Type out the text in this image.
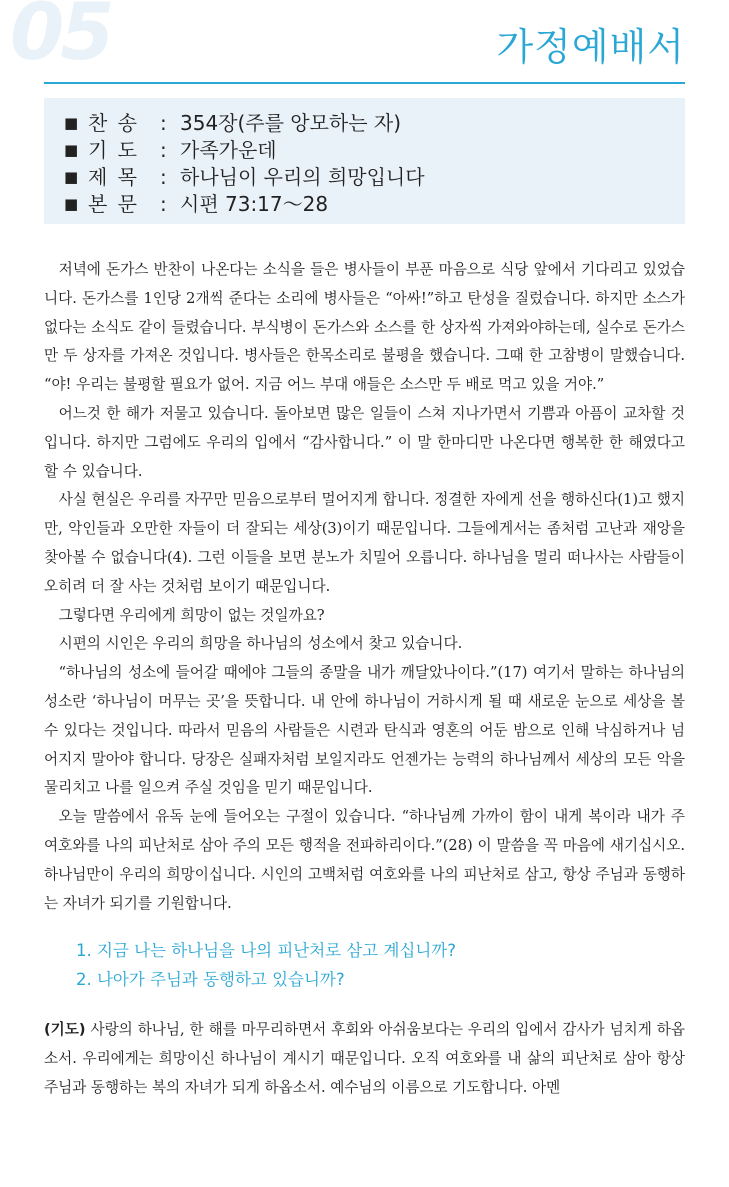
05	가정예배서
■ 찬 송	: 354장(주를 앙모하는 자)
■ 기 도	: 가족가운데
■ 제 목	: 하나님이 우리의 희망입니다
■ 본 문	: 시편 73:17～28

저녁에 돈가스 반찬이 나온다는 소식을 들은 병사들이 부푼 마음으로 식당 앞에서 기다리고 있었습니다. 돈가스를 1인당 2개씩 준다는 소리에 병사들은 “아싸!”하고 탄성을 질렀습니다. 하지만 소스가 없다는 소식도 같이 들렸습니다. 부식병이 돈가스와 소스를 한 상자씩 가져와야하는데, 실수로 돈가스만 두 상자를 가져온 것입니다. 병사들은 한목소리로 불평을 했습니다. 그때 한 고참병이 말했습니다. “야! 우리는 불평할 필요가 없어. 지금 어느 부대 애들은 소스만 두 배로 먹고 있을 거야.”

어느것 한 해가 저물고 있습니다. 돌아보면 많은 일들이 스쳐 지나가면서 기쁨과 아픔이 교차할 것입니다. 하지만 그럼에도 우리의 입에서 “감사합니다.” 이 말 한마디만 나온다면 행복한 한 해였다고 할 수 있습니다.

사실 현실은 우리를 자꾸만 믿음으로부터 멀어지게 합니다. 정결한 자에게 선을 행하신다(1)고 했지만, 악인들과 오만한 자들이 더 잘되는 세상(3)이기 때문입니다. 그들에게서는 좀처럼 고난과 재앙을 찾아볼 수 없습니다(4). 그런 이들을 보면 분노가 치밀어 오릅니다. 하나님을 멀리 떠나사는 사람들이 오히려 더 잘 사는 것처럼 보이기 때문입니다.

그렇다면 우리에게 희망이 없는 것일까요?

시편의 시인은 우리의 희망을 하나님의 성소에서 찾고 있습니다.

“하나님의 성소에 들어갈 때에야 그들의 종말을 내가 깨달았나이다.”(17) 여기서 말하는 하나님의 성소란 ‘하나님이 머무는 곳’을 뜻합니다. 내 안에 하나님이 거하시게 될 때 새로운 눈으로 세상을 볼 수 있다는 것입니다. 따라서 믿음의 사람들은 시련과 탄식과 영혼의 어둔 밤으로 인해 낙심하거나 넘어지지 말아야 합니다. 당장은 실패자처럼 보일지라도 언젠가는 능력의 하나님께서 세상의 모든 악을 물리치고 나를 일으켜 주실 것임을 믿기 때문입니다.

오늘 말씀에서 유독 눈에 들어오는 구절이 있습니다. “하나님께 가까이 함이 내게 복이라 내가 주 여호와를 나의 피난처로 삼아 주의 모든 행적을 전파하리이다.”(28) 이 말씀을 꼭 마음에 새기십시오. 하나님만이 우리의 희망이십니다. 시인의 고백처럼 여호와를 나의 피난처로 삼고, 항상 주님과 동행하는 자녀가 되기를 기원합니다.

1. 지금 나는 하나님을 나의 피난처로 삼고 계십니까?
2. 나아가 주님과 동행하고 있습니까?
(기도) 사랑의 하나님, 한 해를 마무리하면서 후회와 아쉬움보다는 우리의 입에서 감사가 넘치게 하옵소서. 우리에게는 희망이신 하나님이 계시기 때문입니다. 오직 여호와를 내 삶의 피난처로 삼아 항상 주님과 동행하는 복의 자녀가 되게 하옵소서. 예수님의 이름으로 기도합니다. 아멘
